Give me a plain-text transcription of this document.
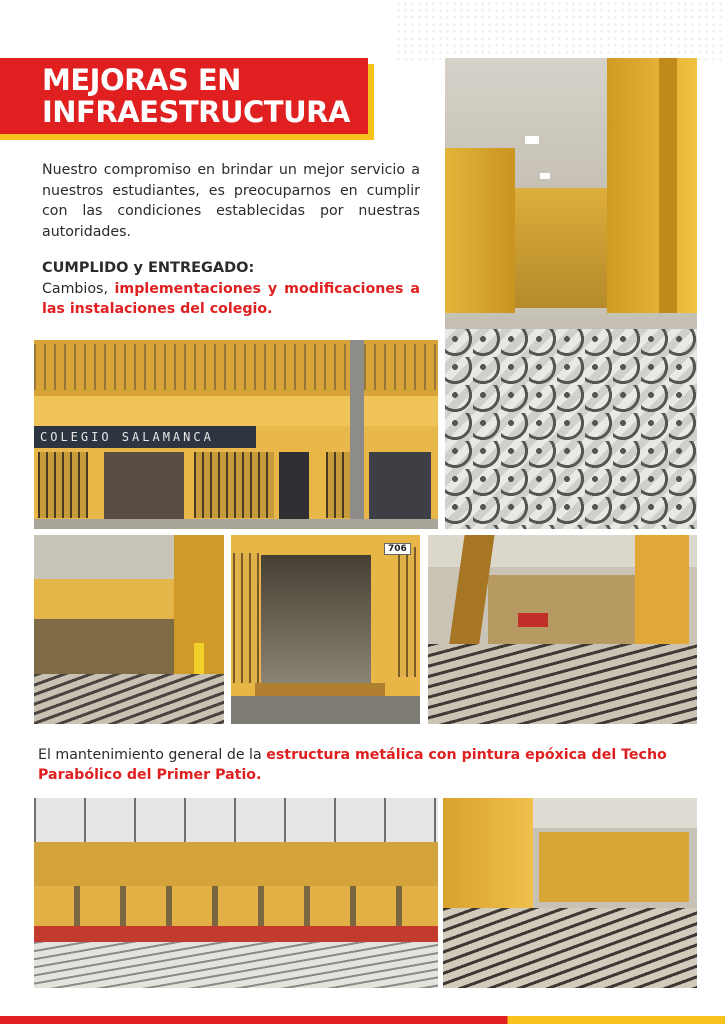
MEJORAS EN
INFRAESTRUCTURA

Nuestro compromiso en brindar un mejor servicio a nuestros estudiantes, es preocuparnos en cumplir con las condiciones establecidas por nuestras autoridades.

CUMPLIDO y ENTREGADO:

Cambios, implementaciones y modificaciones a las instalaciones del colegio.

COLEGIO SALAMANCA
706

El mantenimiento general de la estructura metálica con pintura epóxica del Techo Parabólico del Primer Patio.
